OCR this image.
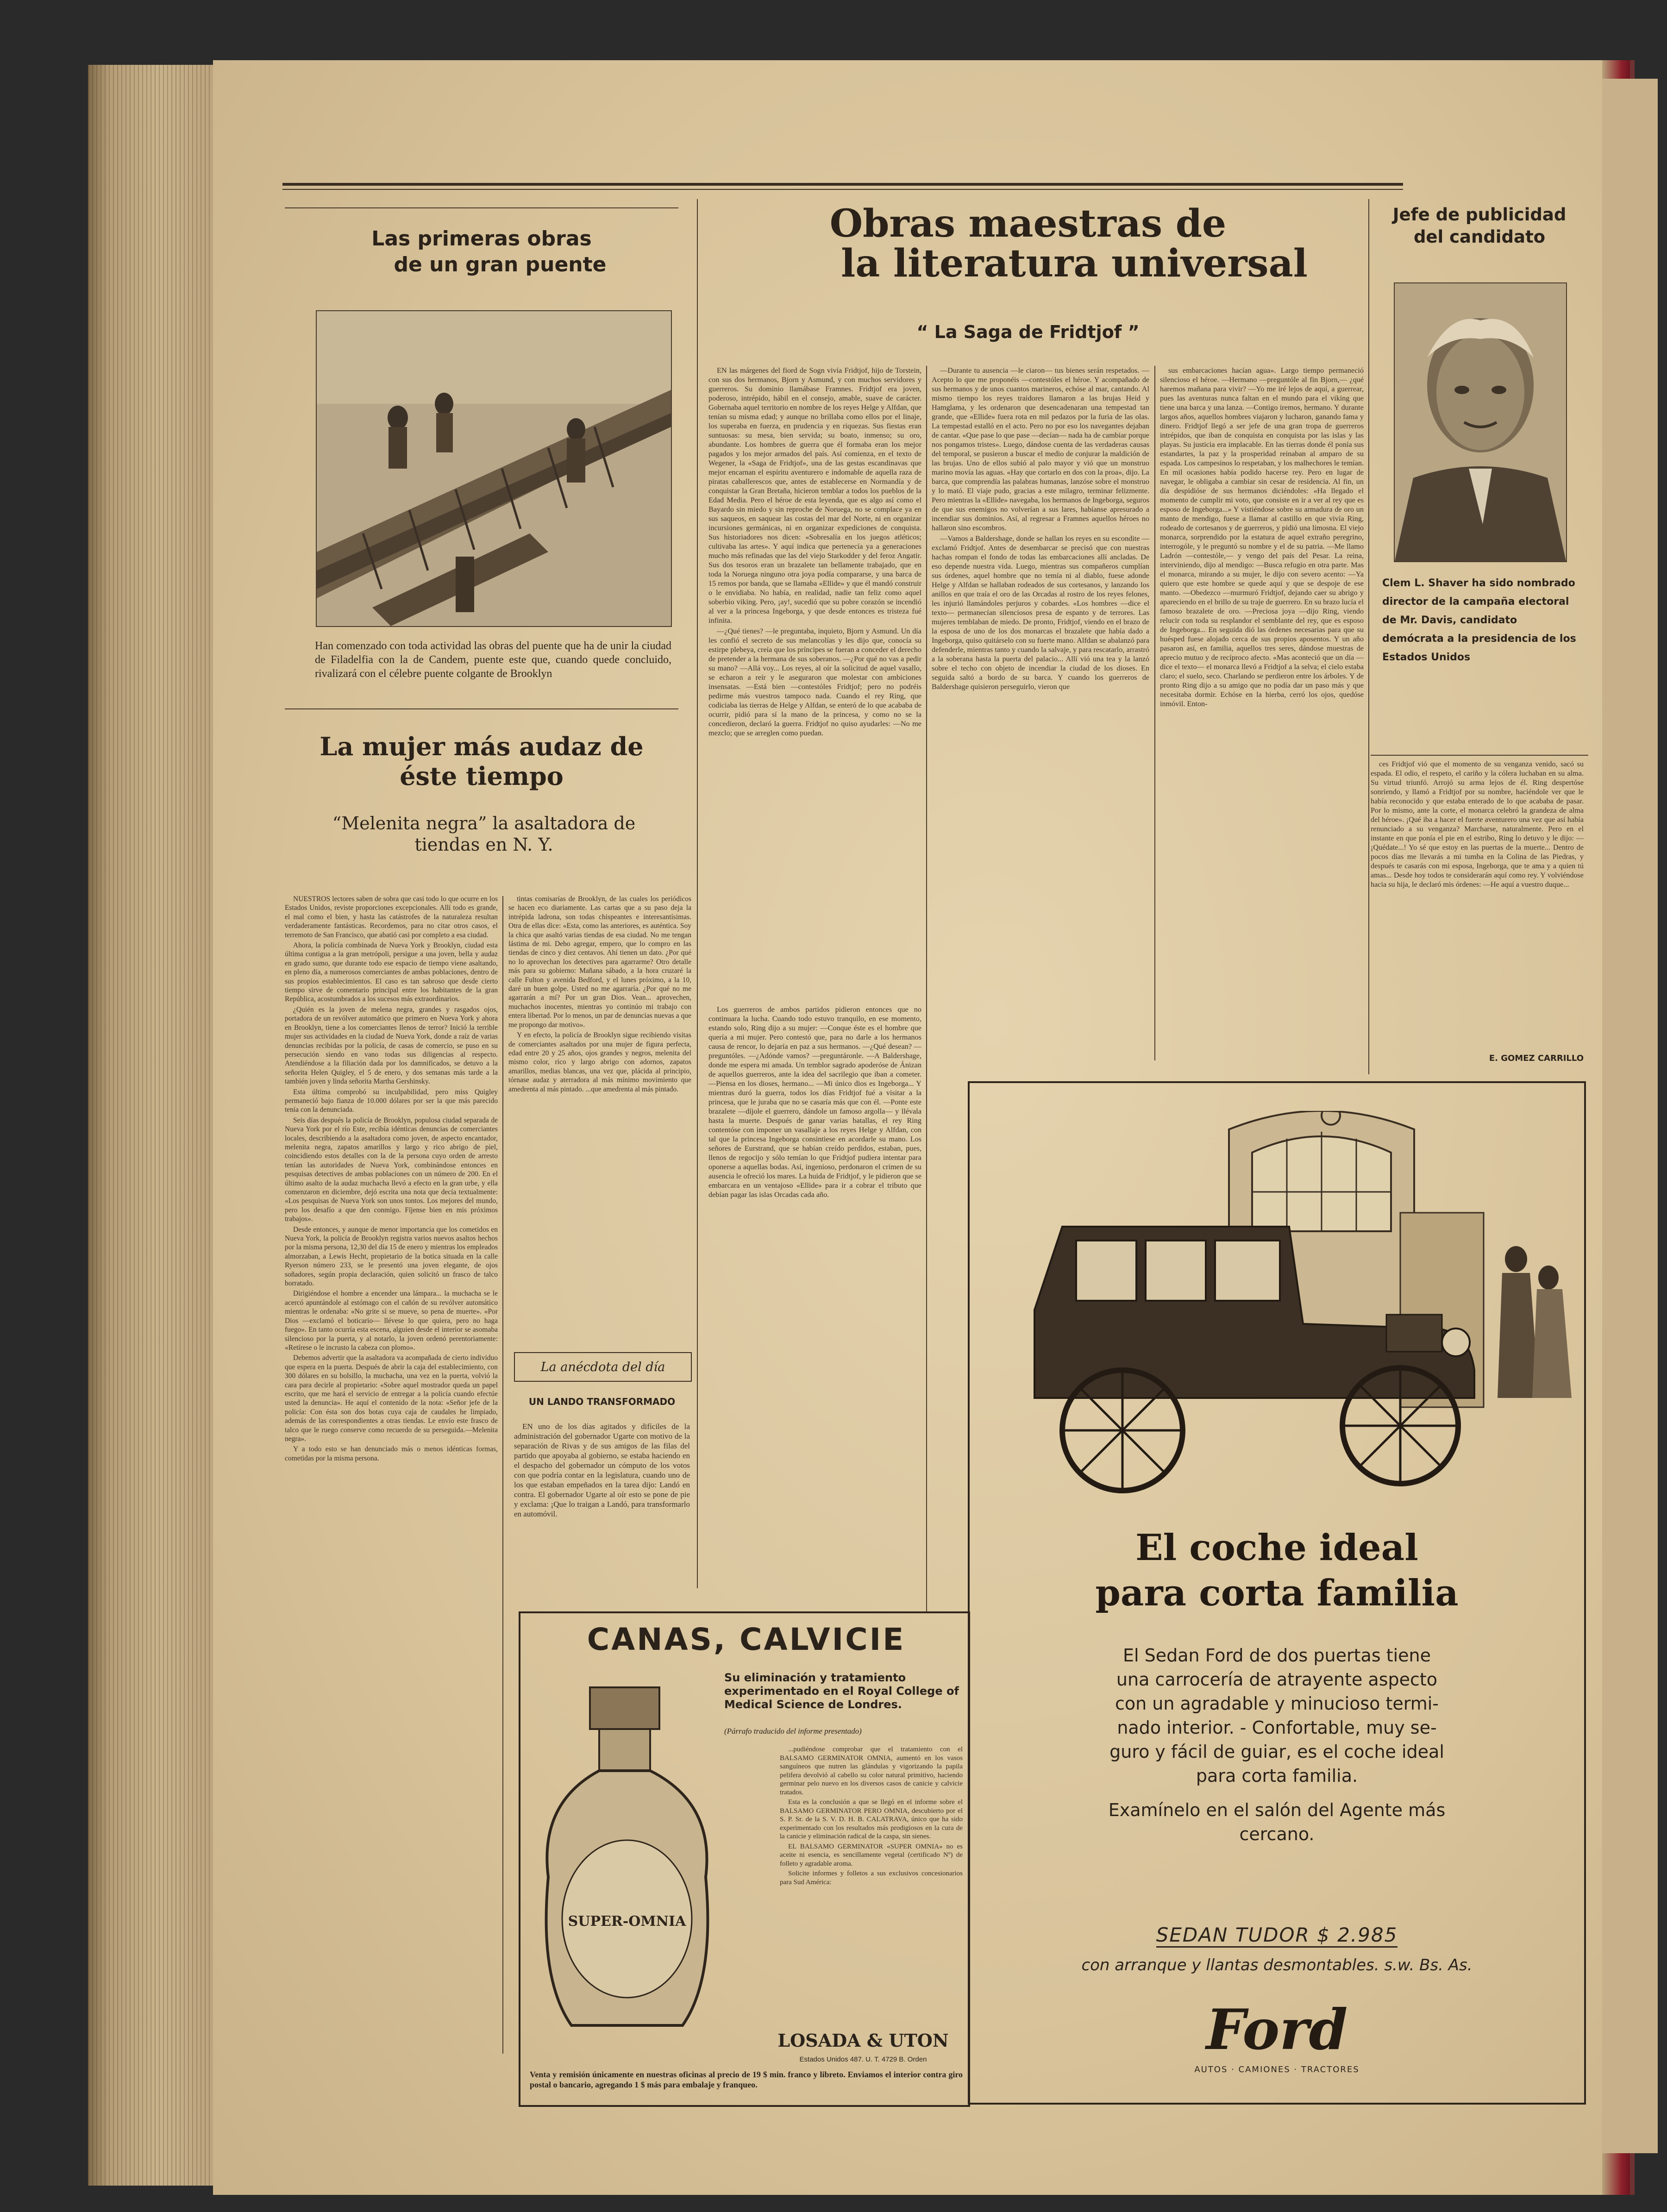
Las primeras obras
de un gran puente
Han comenzado con toda actividad las obras del puente que ha de unir la ciudad de Filadelfia con la de Candem, puente este que, cuando quede concluido, rivalizará con el célebre puente colgante de Brooklyn
La mujer más audaz de
éste tiempo
“Melenita negra” la asaltadora de
tiendas en N. Y.

NUESTROS lectores saben de sobra que casi todo lo que ocurre en los Estados Unidos, reviste proporciones excepcionales. Allí todo es grande, el mal como el bien, y hasta las catástrofes de la naturaleza resultan verdaderamente fantásticas. Recordemos, para no citar otros casos, el terremoto de San Francisco, que abatió casi por completo a esa ciudad.

Ahora, la policía combinada de Nueva York y Brooklyn, ciudad esta última contigua a la gran metrópoli, persigue a una joven, bella y audaz en grado sumo, que durante todo ese espacio de tiempo viene asaltando, en pleno día, a numerosos comerciantes de ambas poblaciones, dentro de sus propios establecimientos. El caso es tan sabroso que desde cierto tiempo sirve de comentario principal entre los habitantes de la gran República, acostumbrados a los sucesos más extraordinarios.

¿Quién es la joven de melena negra, grandes y rasgados ojos, portadora de un revólver automático que primero en Nueva York y ahora en Brooklyn, tiene a los comerciantes llenos de terror? Inició la terrible mujer sus actividades en la ciudad de Nueva York, donde a raíz de varias denuncias recibidas por la policía, de casas de comercio, se puso en su persecución siendo en vano todas sus diligencias al respecto. Atendiéndose a la filiación dada por los damnificados, se detuvo a la señorita Helen Quigley, el 5 de enero, y dos semanas más tarde a la también joven y linda señorita Martha Gershinsky.

Esta última comprobó su inculpabilidad, pero miss Quigley permaneció bajo fianza de 10.000 dólares por ser la que más parecido tenía con la denunciada.

Seis días después la policía de Brooklyn, populosa ciudad separada de Nueva York por el río Este, recibía idénticas denuncias de comerciantes locales, describiendo a la asaltadora como joven, de aspecto encantador, melenita negra, zapatos amarillos y largo y rico abrigo de piel, coincidiendo estos detalles con la de la persona cuyo orden de arresto tenían las autoridades de Nueva York, combinándose entonces en pesquisas detectives de ambas poblaciones con un número de 200. En el último asalto de la audaz muchacha llevó a efecto en la gran urbe, y ella comenzaron en diciembre, dejó escrita una nota que decía textualmente: «Los pesquisas de Nueva York son unos tontos. Los mejores del mundo, pero los desafío a que den conmigo. Fíjense bien en mis próximos trabajos».

Desde entonces, y aunque de menor importancia que los cometidos en Nueva York, la policía de Brooklyn registra varios nuevos asaltos hechos por la misma persona, 12,30 del día 15 de enero y mientras los empleados almorzaban, a Lewis Hecht, propietario de la botica situada en la calle Ryerson número 233, se le presentó una joven elegante, de ojos soñadores, según propia declaración, quien solicitó un frasco de talco borratado.

Dirigiéndose el hombre a encender una lámpara... la muchacha se le acercó apuntándole al estómago con el cañón de su revólver automático mientras le ordenaba: «No grite si se mueve, so pena de muerte». «Por Dios —exclamó el boticario— llévese lo que quiera, pero no haga fuego». En tanto ocurría esta escena, alguien desde el interior se asomaba silencioso por la puerta, y al notarlo, la joven ordenó perentoriamente: «Retírese o le incrusto la cabeza con plomo».

Debemos advertir que la asaltadora va acompañada de cierto individuo que espera en la puerta. Después de abrir la caja del establecimiento, con 300 dólares en su bolsillo, la muchacha, una vez en la puerta, volvió la cara para decirle al propietario: «Sobre aquel mostrador queda un papel escrito, que me hará el servicio de entregar a la policía cuando efectúe usted la denuncia». He aquí el contenido de la nota: «Señor jefe de la policía: Con ésta son dos botas cuya caja de caudales he limpiado, además de las correspondientes a otras tiendas. Le envío este frasco de talco que le ruego conserve como recuerdo de su perseguida.—Melenita negra».

Y a todo esto se han denunciado más o menos idénticas formas, cometidas por la misma persona.

tintas comisarías de Brooklyn, de las cuales los periódicos se hacen eco diariamente. Las cartas que a su paso deja la intrépida ladrona, son todas chispeantes e interesantísimas. Otra de ellas dice: «Esta, como las anteriores, es auténtica. Soy la chica que asaltó varias tiendas de esa ciudad. No me tengan lástima de mi. Debo agregar, empero, que lo compro en las tiendas de cinco y diez centavos. Ahí tienen un dato. ¿Por qué no lo aprovechan los detectives para agarrarme? Otro detalle más para su gobierno: Mañana sábado, a la hora cruzaré la calle Fulton y avenida Bedford, y el lunes próximo, a la 10, daré un buen golpe. Usted no me agarraría. ¿Por qué no me agarrarán a mí? Por un gran Dios. Vean... aprovechen, muchachos inocentes, mientras yo continúo mi trabajo con entera libertad. Por lo menos, un par de denuncias nuevas a que me propongo dar motivo».

Y en efecto, la policía de Brooklyn sigue recibiendo visitas de comerciantes asaltados por una mujer de figura perfecta, edad entre 20 y 25 años, ojos grandes y negros, melenita del mismo color, rico y largo abrigo con adornos, zapatos amarillos, medias blancas, una vez que, plácida al principio, tórnase audaz y aterradora al más mínimo movimiento que amedrenta al más pintado. ...que amedrenta al más pintado.

La anécdota del día
UN LANDO TRANSFORMADO

EN uno de los días agitados y difíciles de la administración del gobernador Ugarte con motivo de la separación de Rivas y de sus amigos de las filas del partido que apoyaba al gobierno, se estaba haciendo en el despacho del gobernador un cómputo de los votos con que podría contar en la legislatura, cuando uno de los que estaban empeñados en la tarea dijo: Landó en contra. El gobernador Ugarte al oír esto se pone de pie y exclama: ¡Que lo traigan a Landó, para transformarlo en automóvil.

Obras maestras de
la literatura universal
“ La Saga de Fridtjof ”

EN las márgenes del fiord de Sogn vivía Fridtjof, hijo de Torstein, con sus dos hermanos, Bjorn y Asmund, y con muchos servidores y guerreros. Su dominio llamábase Framnes. Fridtjof era joven, poderoso, intrépido, hábil en el consejo, amable, suave de carácter. Gobernaba aquel territorio en nombre de los reyes Helge y Alfdan, que tenían su misma edad; y aunque no brillaba como ellos por el linaje, los superaba en fuerza, en prudencia y en riquezas. Sus fiestas eran suntuosas: su mesa, bien servida; su boato, inmenso; su oro, abundante. Los hombres de guerra que él formaba eran los mejor pagados y los mejor armados del país. Así comienza, en el texto de Wegener, la «Saga de Fridtjof», una de las gestas escandinavas que mejor encarnan el espíritu aventurero e indomable de aquella raza de piratas caballerescos que, antes de establecerse en Normandía y de conquistar la Gran Bretaña, hicieron temblar a todos los pueblos de la Edad Media. Pero el héroe de esta leyenda, que es algo así como el Bayardo sin miedo y sin reproche de Noruega, no se complace ya en sus saqueos, en saquear las costas del mar del Norte, ni en organizar incursiones germánicas, ni en organizar expediciones de conquista. Sus historiadores nos dicen: «Sobresalía en los juegos atléticos; cultivaba las artes». Y aquí indica que pertenecía ya a generaciones mucho más refinadas que las del viejo Starkodder y del feroz Angatir. Sus dos tesoros eran un brazalete tan bellamente trabajado, que en toda la Noruega ninguno otra joya podía compararse, y una barca de 15 remos por banda, que se llamaba «Ellide» y que él mandó construir o le envidiaba. No había, en realidad, nadie tan feliz como aquel soberbio viking. Pero, ¡ay!, sucedió que su pobre corazón se incendió al ver a la princesa Ingeborga, y que desde entonces es tristeza fué infinita.

—¿Qué tienes? —le preguntaba, inquieto, Bjorn y Asmund. Un día les confió el secreto de sus melancolías y les dijo que, conocía su estirpe plebeya, creía que los príncipes se fueran a conceder el derecho de pretender a la hermana de sus soberanos. —¿Por qué no vas a pedir su mano? —Allá voy... Los reyes, al oír la solicitud de aquel vasallo, se echaron a reír y le aseguraron que molestar con ambiciones insensatas. —Está bien —contestóles Fridtjof; pero no podréis pedirme más vuestros tampoco nada. Cuando el rey Ring, que codiciaba las tierras de Helge y Alfdan, se enteró de lo que acababa de ocurrir, pidió para sí la mano de la princesa, y como no se la concedieron, declaró la guerra. Fridtjof no quiso ayudarles: —No me mezclo; que se arreglen como puedan.

—Durante tu ausencia —le ciaron— tus bienes serán respetados. —Acepto lo que me proponéis —contestóles el héroe. Y acompañado de sus hermanos y de unos cuantos marineros, echóse al mar, cantando. Al mismo tiempo los reyes traidores llamaron a las brujas Heid y Hamglama, y les ordenaron que desencadenaran una tempestad tan grande, que «Ellide» fuera rota en mil pedazos por la furia de las olas. La tempestad estalló en el acto. Pero no por eso los navegantes dejaban de cantar. «Que pase lo que pase —decían— nada ha de cambiar porque nos pongamos tristes». Luego, dándose cuenta de las verdaderas causas del temporal, se pusieron a buscar el medio de conjurar la maldición de las brujas. Uno de ellos subió al palo mayor y vió que un monstruo marino movía las aguas. «Hay que cortarlo en dos con la proa», dijo. La barca, que comprendía las palabras humanas, lanzóse sobre el monstruo y lo mató. El viaje pudo, gracias a este milagro, terminar felizmente. Pero mientras la «Ellide» navegaba, los hermanos de Ingeborga, seguros de que sus enemigos no volverían a sus lares, habíanse apresurado a incendiar sus dominios. Así, al regresar a Framnes aquellos héroes no hallaron sino escombros.

—Vamos a Baldershage, donde se hallan los reyes en su escondite —exclamó Fridtjof. Antes de desembarcar se precisó que con nuestras hachas rompan el fondo de todas las embarcaciones allí ancladas. De eso depende nuestra vida. Luego, mientras sus compañeros cumplían sus órdenes, aquel hombre que no temía ni al diablo, fuese adonde Helge y Alfdan se hallaban rodeados de sus cortesanos, y lanzando los anillos en que traía el oro de las Orcadas al rostro de los reyes felones, les injurió llamándoles perjuros y cobardes. «Los hombres —dice el texto— permanecían silenciosos presa de espanto y de terrores. Las mujeres temblaban de miedo. De pronto, Fridtjof, viendo en el brazo de la esposa de uno de los dos monarcas el brazalete que había dado a Ingeborga, quiso quitárselo con su fuerte mano. Alfdan se abalanzó para defenderle, mientras tanto y cuando la salvaje, y para rescatarlo, arrastró a la soberana hasta la puerta del palacio... Allí vió una tea y la lanzó sobre el techo con objeto de incendiar la ciudad de los dioses. En seguida saltó a bordo de su barca. Y cuando los guerreros de Baldershage quisieron perseguirlo, vieron que

sus embarcaciones hacían agua». Largo tiempo permaneció silencioso el héroe. —Hermano —preguntóle al fin Bjorn,— ¿qué haremos mañana para vivir? —Yo me iré lejos de aquí, a guerrear, pues las aventuras nunca faltan en el mundo para el viking que tiene una barca y una lanza. —Contigo iremos, hermano. Y durante largos años, aquellos hombres viajaron y lucharon, ganando fama y dinero. Fridtjof llegó a ser jefe de una gran tropa de guerreros intrépidos, que iban de conquista en conquista por las islas y las playas. Su justicia era implacable. En las tierras donde él ponía sus estandartes, la paz y la prosperidad reinaban al amparo de su espada. Los campesinos lo respetaban, y los malhechores le temían. En mil ocasiones había podido hacerse rey. Pero en lugar de navegar, le obligaba a cambiar sin cesar de residencia. Al fin, un día despidióse de sus hermanos diciéndoles: «Ha llegado el momento de cumplir mi voto, que consiste en ir a ver al rey que es esposo de Ingeborga...» Y vistiéndose sobre su armadura de oro un manto de mendigo, fuese a llamar al castillo en que vivía Ring, rodeado de cortesanos y de guerreros, y pidió una limosna. El viejo monarca, sorprendido por la estatura de aquel extraño peregrino, interrogóle, y le preguntó su nombre y el de su patria. —Me llamo Ladrón —contestóle,— y vengo del país del Pesar. La reina, interviniendo, dijo al mendigo: —Busca refugio en otra parte. Mas el monarca, mirando a su mujer, le dijo con severo acento: —Ya quiero que este hombre se quede aquí y que se despoje de ese manto. —Obedezco —murmuró Fridtjof, dejando caer su abrigo y apareciendo en el brillo de su traje de guerrero. En su brazo lucía el famoso brazalete de oro. —Preciosa joya —dijo Ring, viendo relucir con toda su resplandor el semblante del rey, que es esposo de Ingeborga... En seguida dió las órdenes necesarias para que su huésped fuese alojado cerca de sus propios aposentos. Y un año pasaron así, en familia, aquellos tres seres, dándose muestras de aprecio mutuo y de recíproco afecto. «Mas aconteció que un día —dice el texto— el monarca llevó a Fridtjof a la selva; el cielo estaba claro; el suelo, seco. Charlando se perdieron entre los árboles. Y de pronto Ring dijo a su amigo que no podía dar un paso más y que necesitaba dormir. Echóse en la hierba, cerró los ojos, quedóse inmóvil. Enton-

ces Fridtjof vió que el momento de su venganza venido, sacó su espada. El odio, el respeto, el cariño y la cólera luchaban en su alma. Su virtud triunfó. Arrojó su arma lejos de él. Ring despertóse sonriendo, y llamó a Fridtjof por su nombre, haciéndole ver que le había reconocido y que estaba enterado de lo que acababa de pasar. Por lo mismo, ante la corte, el monarca celebró la grandeza de alma del héroe». ¡Qué iba a hacer el fuerte aventurero una vez que así había renunciado a su venganza? Marcharse, naturalmente. Pero en el instante en que ponía el pie en el estribo, Ring lo detuvo y le dijo: —¡Quédate...! Yo sé que estoy en las puertas de la muerte... Dentro de pocos días me llevarás a mi tumba en la Colina de las Piedras, y después te casarás con mi esposa, Ingeborga, que te ama y a quien tú amas... Desde hoy todos te considerarán aquí como rey. Y volviéndose hacia su hija, le declaró mis órdenes: —He aquí a vuestro duque...

E. GOMEZ CARRILLO

Los guerreros de ambos partidos pidieron entonces que no continuara la lucha. Cuando todo estuvo tranquilo, en ese momento, estando solo, Ring dijo a su mujer: —Conque éste es el hombre que quería a mi mujer. Pero contestó que, para no darle a los hermanos causa de rencor, lo dejaría en paz a sus hermanos. —¿Qué desean? —preguntóles. —¿Adónde vamos? —preguntáronle. —A Baldershage, donde me espera mi amada. Un temblor sagrado apoderóse de Ánizan de aquellos guerreros, ante la idea del sacrilegio que iban a cometer. —Piensa en los dioses, hermano... —Mi único dios es Ingeborga... Y mientras duró la guerra, todos los días Fridtjof fué a visitar a la princesa, que le juraba que no se casaría más que con él. —Ponte este brazalete —díjole el guerrero, dándole un famoso argolla— y llévala hasta la muerte. Después de ganar varias batallas, el rey Ring contentóse con imponer un vasallaje a los reyes Helge y Alfdan, con tal que la princesa Ingeborga consintiese en acordarle su mano. Los señores de Eurstrand, que se habían creído perdidos, estaban, pues, llenos de regocijo y sólo temían lo que Fridtjof pudiera intentar para oponerse a aquellas bodas. Así, ingenioso, perdonaron el crimen de su ausencia le ofreció los mares. La huida de Fridtjof, y le pidieron que se embarcara en un ventajoso «Ellide» para ir a cobrar el tributo que debían pagar las islas Orcadas cada año.

Jefe de publicidad
del candidato
Clem L. Shaver ha sido nombrado director de la campaña electoral de Mr. Davis, candidato demócrata a la presidencia de los Estados Unidos
El coche ideal
para corta familia
El Sedan Ford de dos puertas tiene
una carrocería de atrayente aspecto
con un agradable y minucioso termi-
nado interior. - Confortable, muy se-
guro y fácil de guiar, es el coche ideal
para corta familia.
Examínelo en el salón del Agente más
cercano.
SEDAN TUDOR $ 2.985
con arranque y llantas desmontables. s.w. Bs. As.
Ford
AUTOS · CAMIONES · TRACTORES
CANAS, CALVICIE
SUPER-OMNIA
Su eliminación y tratamiento experimentado en el Royal College of Medical Science de Londres.
(Párrafo traducido del informe presentado)

...pudiéndose comprobar que el tratamiento con el BALSAMO GERMINATOR OMNIA, aumentó en los vasos sanguíneos que nutren las glándulas y vigorizando la papila pelifera devolvió al cabello su color natural primitivo, haciendo germinar pelo nuevo en los diversos casos de canicie y calvicie tratados.

Esta es la conclusión a que se llegó en el informe sobre el BALSAMO GERMINATOR PERO OMNIA, descubierto por el S. P. Sr. de la S. V. D. H. B. CALATRAVA, único que ha sido experimentado con los resultados más prodigiosos en la cura de la canicie y eliminación radical de la caspa, sin sienes.

EL BALSAMO GERMINATOR «SUPER OMNIA» no es aceite ni esencia, es sencillamente vegetal (certificado Nº) de folleto y agradable aroma.

Solicite informes y folletos a sus exclusivos concesionarios para Sud América:

LOSADA & UTON
Estados Unidos 487. U. T. 4729 B. Orden
Venta y remisión únicamente en nuestras oficinas al precio de 19 $ min. franco y libreto. Enviamos el interior contra giro postal o bancario, agregando 1 $ más para embalaje y franqueo.
